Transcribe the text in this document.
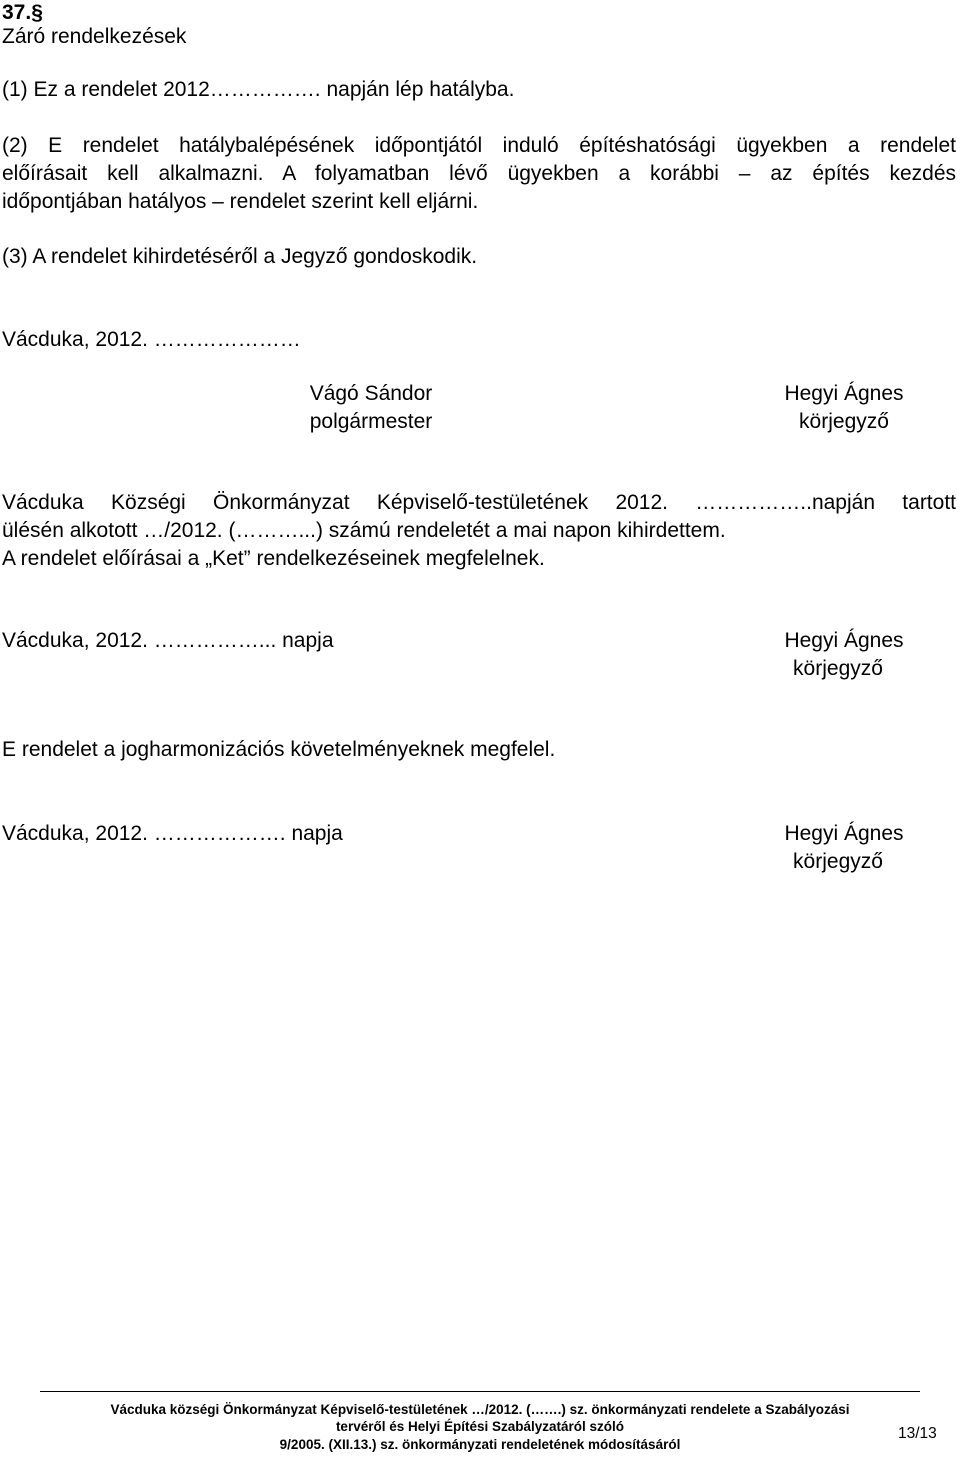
37.§
Záró rendelkezések
(1) Ez a rendelet 2012……………. napján lép hatályba.
(2) E rendelet hatálybalépésének időpontjától induló építéshatósági ügyekben a rendelet
előírásait kell alkalmazni. A folyamatban lévő ügyekben a korábbi – az építés kezdés
időpontjában hatályos – rendelet szerint kell eljárni.
(3) A rendelet kihirdetéséről a Jegyző gondoskodik.
Vácduka, 2012. …………………
Vágó Sándor
polgármester
Hegyi Ágnes
körjegyző
Vácduka Községi Önkormányzat Képviselő-testületének 2012. ……………..napján tartott
ülésén alkotott …/2012. (………...) számú rendeletét a mai napon kihirdettem.
A rendelet előírásai a „Ket” rendelkezéseinek megfelelnek.
Vácduka, 2012. ……………... napja	Hegyi Ágnes
körjegyző
E rendelet a jogharmonizációs követelményeknek megfelel.
Vácduka, 2012. ………………. napja	Hegyi Ágnes
körjegyző
Vácduka községi Önkormányzat Képviselő-testületének …/2012. (…….) sz. önkormányzati rendelete a Szabályozási
tervéről és Helyi Építési Szabályzatáról szóló
9/2005. (XII.13.) sz. önkormányzati rendeletének módosításáról
13/13
